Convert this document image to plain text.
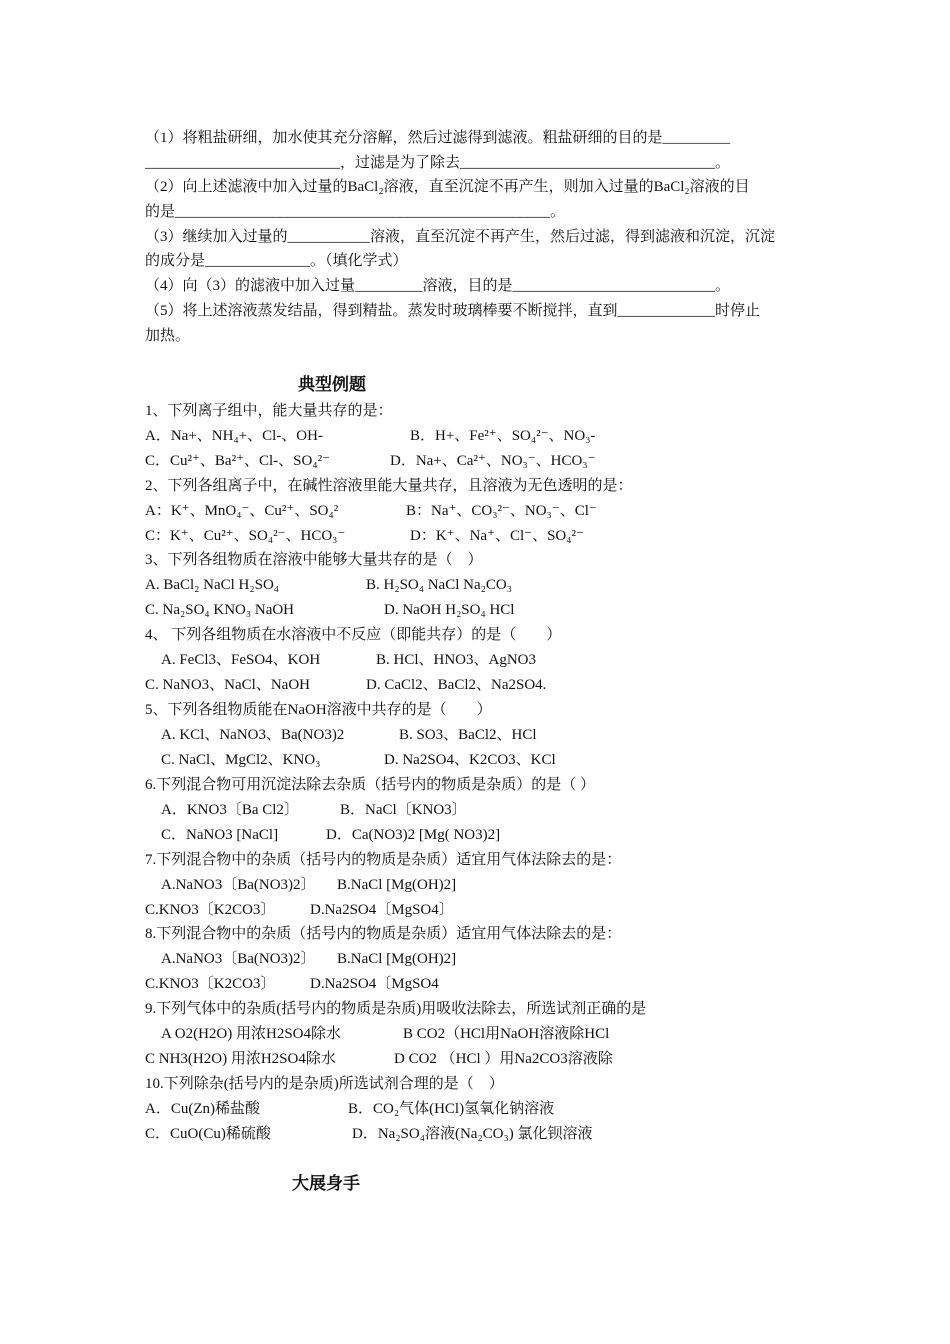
（1）将粗盐研细，加水使其充分溶解，然后过滤得到滤液。粗盐研细的目的是_________
__________________________，过滤是为了除去__________________________________。
（2）向上述滤液中加入过量的BaCl₂溶液，直至沉淀不再产生，则加入过量的BaCl₂溶液的目
的是__________________________________________________。
（3）继续加入过量的___________溶液，直至沉淀不再产生，然后过滤，得到滤液和沉淀，沉淀
的成分是______________。（填化学式）
（4）向（3）的滤液中加入过量_________溶液，目的是___________________________。
（5）将上述溶液蒸发结晶，得到精盐。蒸发时玻璃棒要不断搅拌，直到_____________时停止
加热。
典型例题
1、下列离子组中，能大量共存的是：
A．Na+、NH₄+、Cl-、OH-	B．H+、Fe²⁺、SO₄²⁻、NO₃-
C．Cu²⁺、Ba²⁺、Cl-、SO₄²⁻	D．Na+、Ca²⁺、NO₃⁻、HCO₃⁻
2、下列各组离子中，在碱性溶液里能大量共存，且溶液为无色透明的是：
A：K⁺、MnO₄⁻、Cu²⁺、SO₄²	B：Na⁺、CO₃²⁻、NO₃⁻、Cl⁻
C：K⁺、Cu²⁺、SO₄²⁻、HCO₃⁻	D：K⁺、Na⁺、Cl⁻、SO₄²⁻
3、下列各组物质在溶液中能够大量共存的是（　）
A. BaCl₂ NaCl H₂SO₄	B. H₂SO₄ NaCl Na₂CO₃
C. Na₂SO₄ KNO₃ NaOH	D. NaOH H₂SO₄ HCl
4、 下列各组物质在水溶液中不反应（即能共存）的是（　　）
A. FeCl3、FeSO4、KOH	B. HCl、HNO3、AgNO3
C. NaNO3、NaCl、NaOH	D. CaCl2、BaCl2、Na2SO4.
5、下列各组物质能在NaOH溶液中共存的是（　　）
A. KCl、NaNO3、Ba(NO3)2	B. SO3、BaCl2、HCl
C. NaCl、MgCl2、KNO₃	D. Na2SO4、K2CO3、KCl
6.下列混合物可用沉淀法除去杂质（括号内的物质是杂质）的是（ ）
A．KNO3〔Ba Cl2〕	B．NaCl〔KNO3〕
C．NaNO3 [NaCl]	D．Ca(NO3)2 [Mg( NO3)2]
7.下列混合物中的杂质（括号内的物质是杂质）适宜用气体法除去的是：
A.NaNO3〔Ba(NO3)2〕 B.NaCl [Mg(OH)2]
C.KNO3〔K2CO3〕 D.Na2SO4〔MgSO4〕
8.下列混合物中的杂质（括号内的物质是杂质）适宜用气体法除去的是：
A.NaNO3〔Ba(NO3)2〕 B.NaCl [Mg(OH)2]
C.KNO3〔K2CO3〕 D.Na2SO4〔MgSO4
9.下列气体中的杂质(括号内的物质是杂质)用吸收法除去，所选试剂正确的是
A O2(H2O) 用浓H2SO4除水	B CO2（HCl用NaOH溶液除HCl
C NH3(H2O) 用浓H2SO4除水	D CO2 （HCl ）用Na2CO3溶液除
10.下列除杂(括号内的是杂质)所选试剂合理的是（　）
A．Cu(Zn)稀盐酸	B．CO₂气体(HCl)氢氧化钠溶液
C．CuO(Cu)稀硫酸	D．Na₂SO₄溶液(Na₂CO₃) 氯化钡溶液
大展身手
